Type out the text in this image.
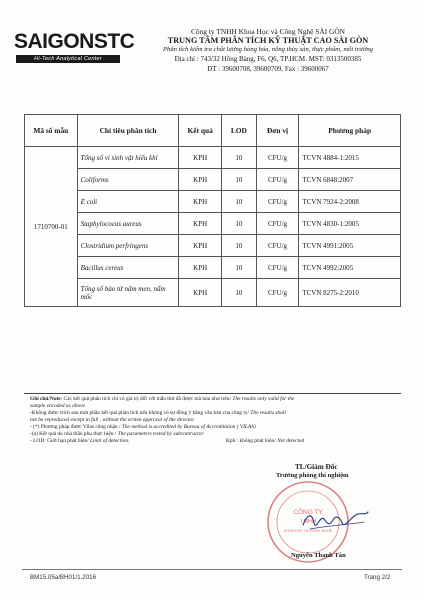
SAIGONSTC
Hi-Tech Analytical Center
Công ty TNHH Khoa Học và Công Nghệ SÀI GÒN
TRUNG TÂM PHÂN TÍCH KỸ THUẬT CAO SÀI GÒN
Phân tích kiểm tra chất lượng hàng hóa, nông thủy sản, thực phẩm, môi trường
Địa chỉ : 743/32 Hồng Bàng, F6, Q6, TP.HCM. MST: 0313500385
ĐT : 39600708, 39600709, Fax : 39600067
Mã số mẫu	Chỉ tiêu phân tích	Kết quả	LOD	Đơn vị	Phương pháp
1710700-01	Tổng số vi sinh vật hiếu khí	KPH	10	CFU/g	TCVN 4884-1:2015
	Coliforms	KPH	10	CFU/g	TCVN 6848:2007
	E coli	KPH	10	CFU/g	TCVN 7924-2:2008
	Staphylococus aureus	KPH	10	CFU/g	TCVN 4830-1:2005
	Clostridium perfringens	KPH	10	CFU/g	TCVN 4991:2005
	Bacillus cereus	KPH	10	CFU/g	TCVN 4992:2005
	Tổng số bào tử nấm men, nấm mốc	KPH	10	CFU/g	TCVN 8275-2:2010
Ghi chú/Note: Các kết quả phân tích chỉ có giá trị đối với mẫu thử đã được mã hóa như trên/ The results only valid for the
sample encoded as above
-Không được trích sao một phần kết quả phân tích nếu không có sự đồng ý bằng văn bản của công ty/ The results shall
not be reproduced except in full , without the writen approval of the director
- (*) Phương pháp được Vilas công nhận / The method is accredited by Bureau of Accreditation ( VILAS)
-(a) Kết quả do nhà thầu phụ thực hiện / The parameters tested by subcontractor
- LOD: Giới hạn phát hiện/ Limit of detection.	Kph : không phát hiện/ Not detected
TL/Giám Đốc
Trưởng phòng thí nghiệm
CÔNG TY
TNHH
KHOA HỌC VÀ CÔNG NGHỆ
Nguyễn Thanh Tân
BM15.05a/BH01/1.2016	Trang 2/2
